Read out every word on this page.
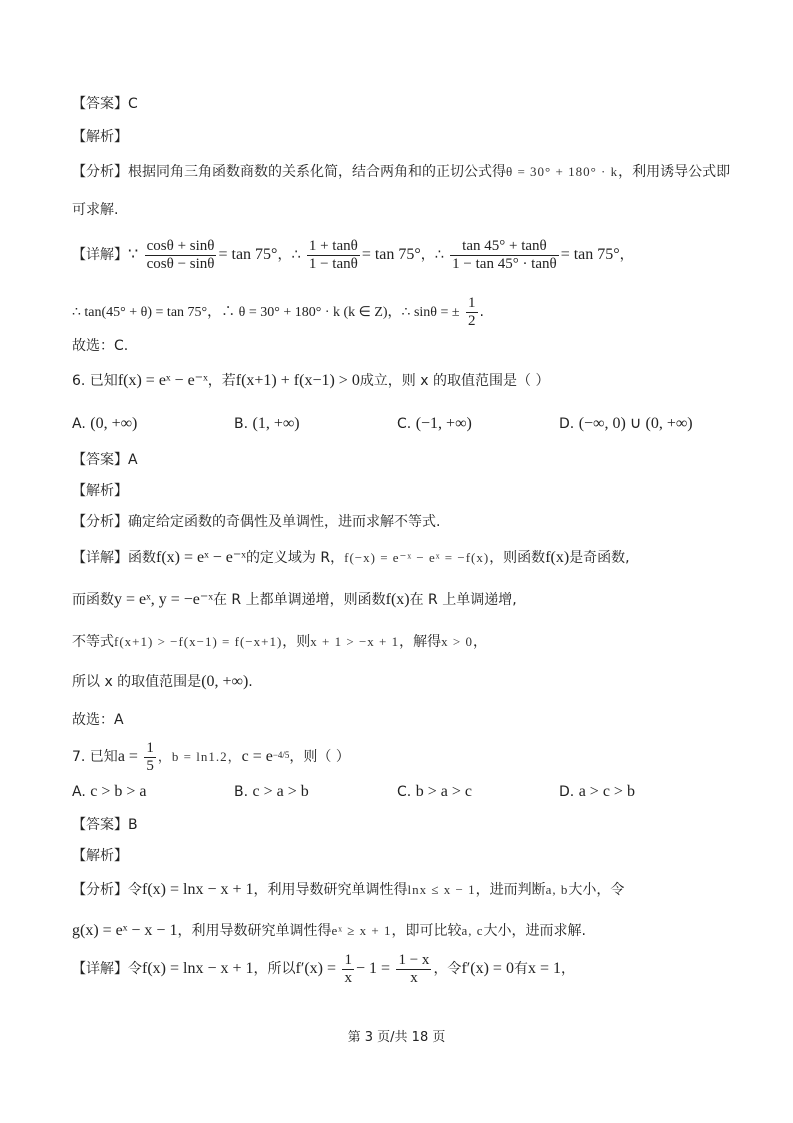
【答案】C
【解析】
【分析】根据同角三角函数商数的关系化简，结合两角和的正切公式得θ = 30° + 180° · k，利用诱导公式即
可求解.
【详解】∵ $\frac{\cos\theta + \sin\theta}{\cos\theta - \sin\theta} = \tan 75^\circ$，∴ $\frac{1 + \tan\theta}{1 - \tan\theta} = \tan 75^\circ$，∴ $\frac{\tan 45^\circ + \tan\theta}{1 - \tan 45^\circ \cdot \tan\theta} = \tan 75^\circ$，
∴ tan(45° + θ) = tan 75°，∴ θ = 30° + 180° · k (k ∈ Z)，∴ sinθ = ± $\frac{1}{2}$ .
故选：C.
6. 已知f(x) = eˣ − e⁻ˣ，若f(x+1) + f(x−1) > 0成立，则 x 的取值范围是（ ）
A. (0, +∞)	B. (1, +∞)	C. (−1, +∞)	D. (−∞, 0) ∪ (0, +∞)
【答案】A
【解析】
【分析】确定给定函数的奇偶性及单调性，进而求解不等式.
【详解】函数f(x) = eˣ − e⁻ˣ的定义域为 R，f(−x) = e⁻ˣ − eˣ = −f(x)，则函数f(x)是奇函数,
而函数y = eˣ, y = −e⁻ˣ在 R 上都单调递增，则函数f(x)在 R 上单调递增,
不等式f(x+1) > −f(x−1) = f(−x+1)，则x + 1 > −x + 1，解得x > 0，
所以 x 的取值范围是(0, +∞).
故选：A
7. 已知$a = \frac{1}{5}$ ，b = ln1.2，$c = e^{-4/5}$，则（ ）
A. c > b > a	B. c > a > b	C. b > a > c	D. a > c > b
【答案】B
【解析】
【分析】令f(x) = lnx − x + 1，利用导数研究单调性得lnx ≤ x − 1，进而判断a, b大小，令
g(x) = eˣ − x − 1，利用导数研究单调性得eˣ ≥ x + 1，即可比较a, c大小，进而求解.
【详解】令f(x) = lnx − x + 1，所以$f'(x) = \frac{1}{x} - 1 = \frac{1 - x}{x}$ ，令f′(x) = 0有x = 1，
第 3 页/共 18 页
